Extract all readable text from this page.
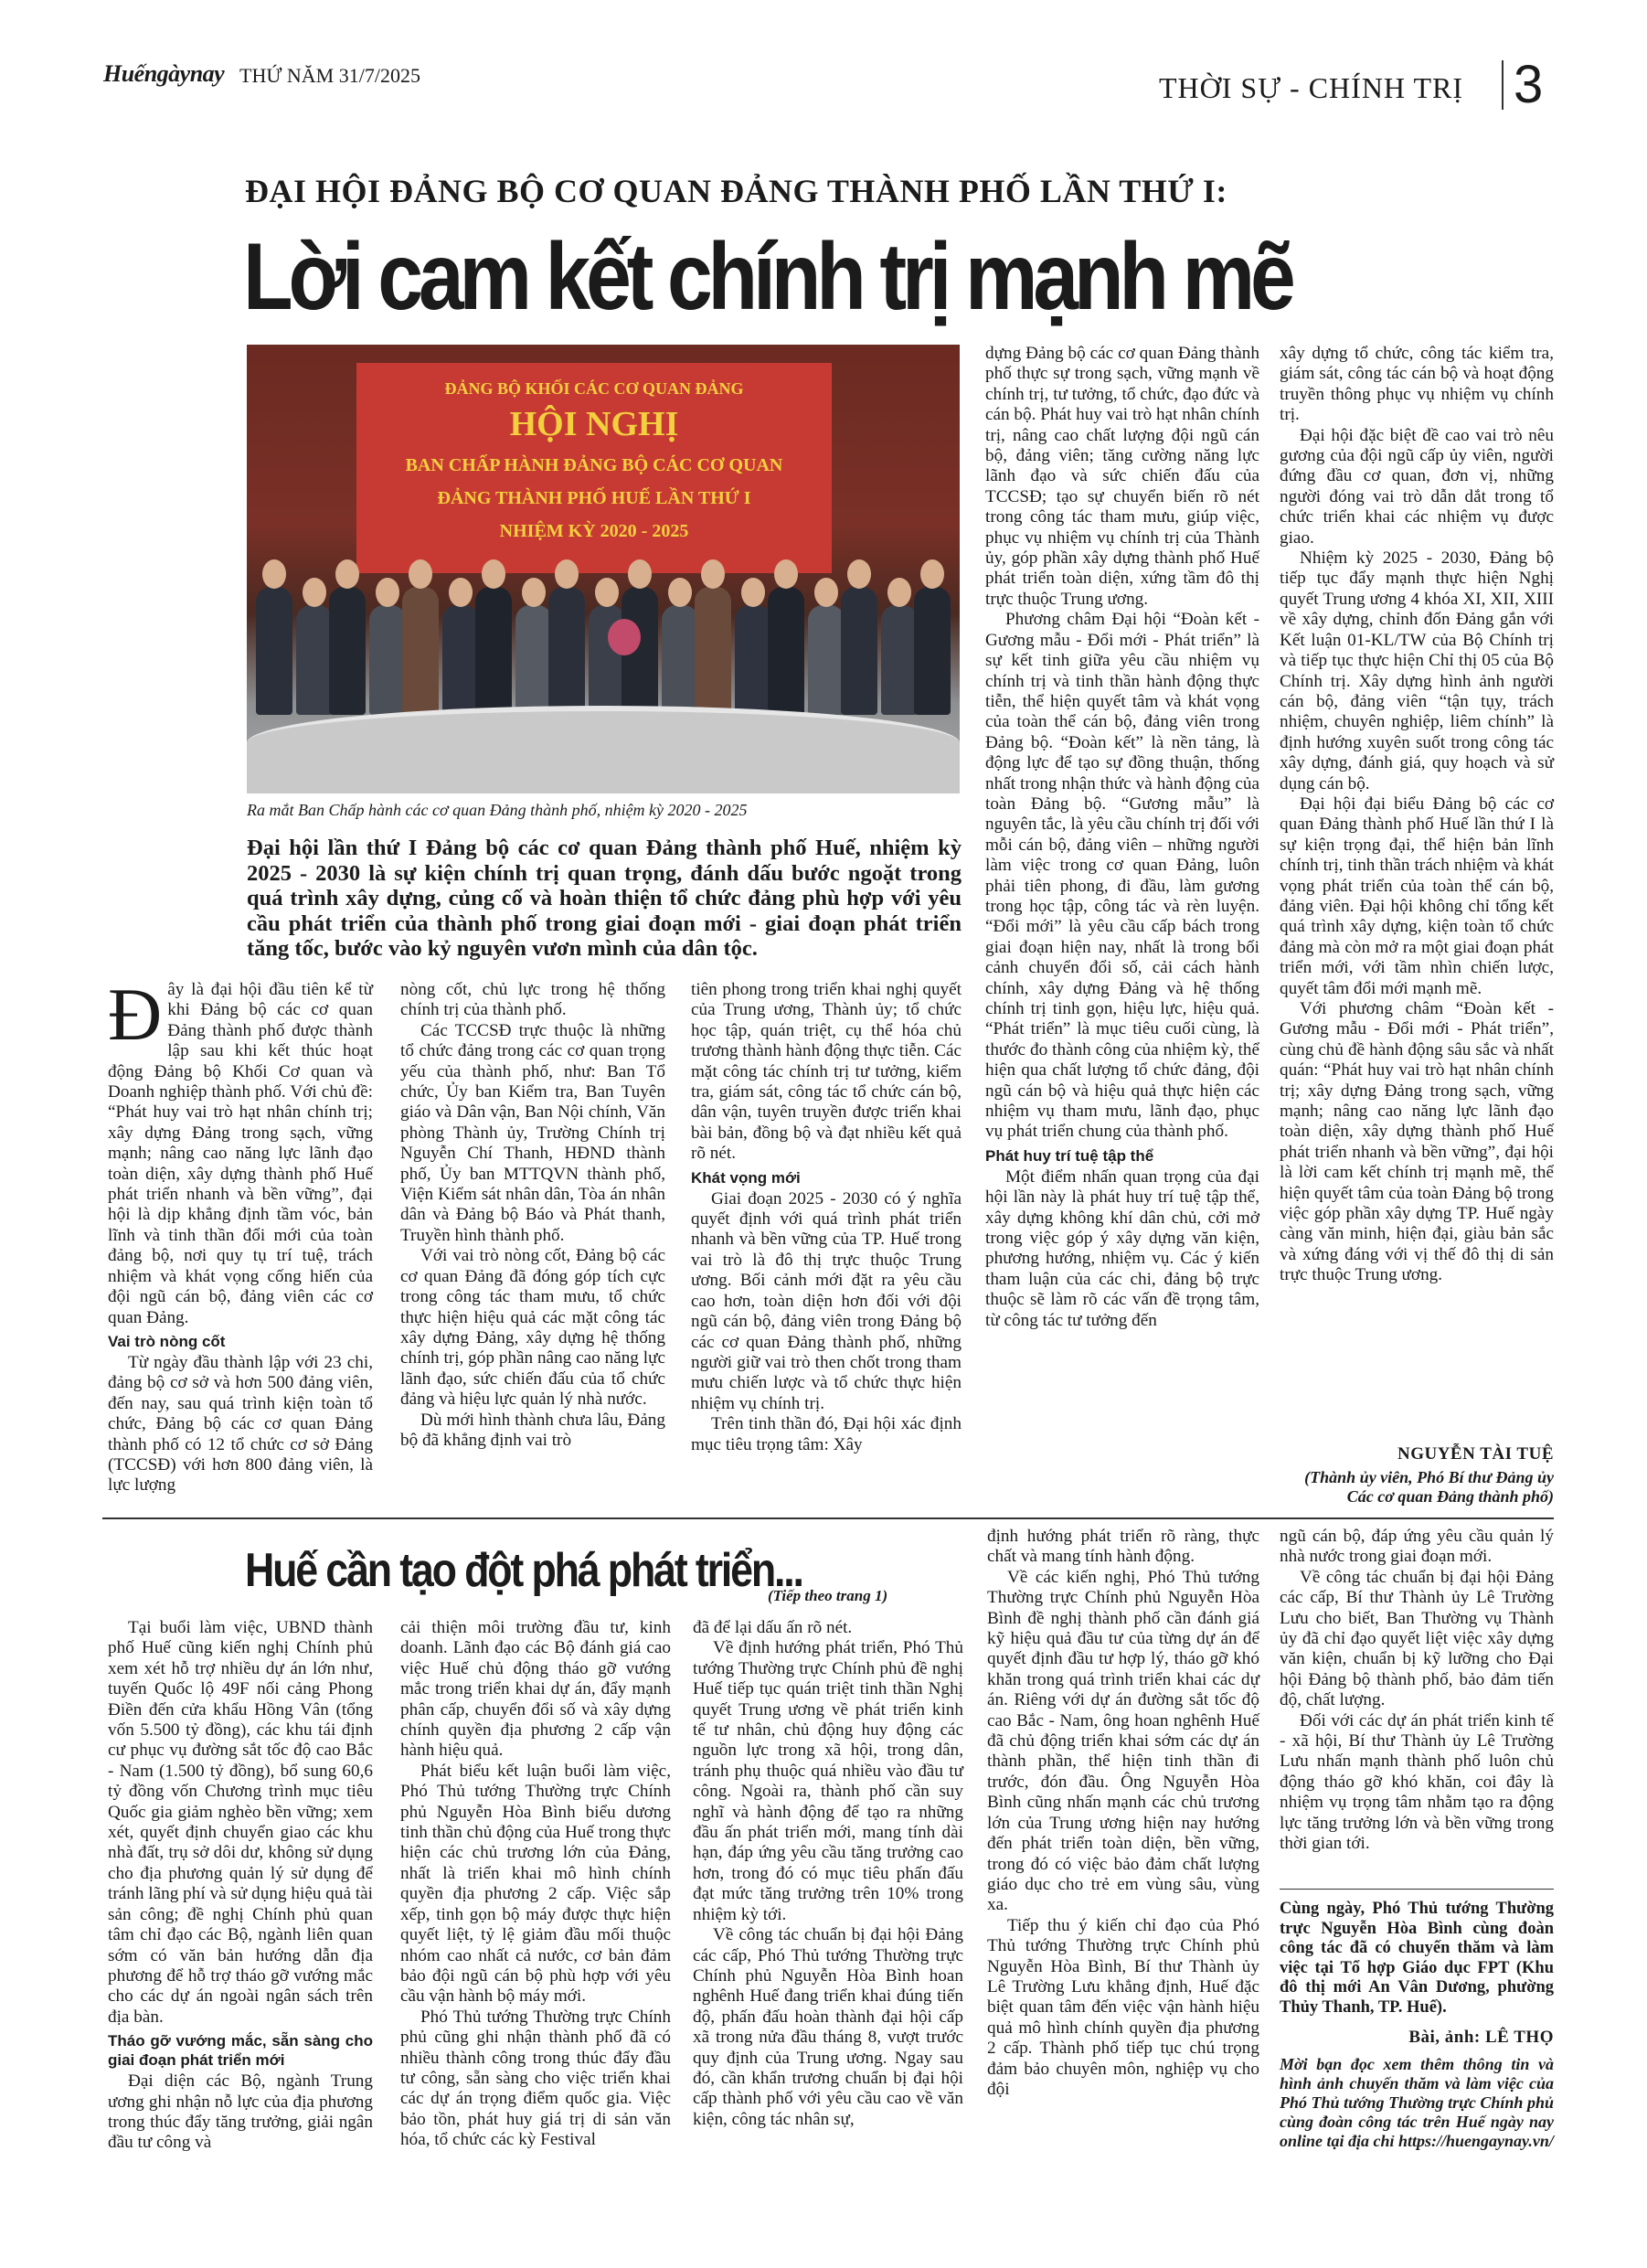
Huếngàynay THỨ NĂM 31/7/2025	THỜI SỰ - CHÍNH TRỊ 3
ĐẠI HỘI ĐẢNG BỘ CƠ QUAN ĐẢNG THÀNH PHỐ LẦN THỨ I:
Lời cam kết chính trị mạnh mẽ
ĐẢNG BỘ KHỐI CÁC CƠ QUAN ĐẢNG
HỘI NGHỊ
BAN CHẤP HÀNH ĐẢNG BỘ CÁC CƠ QUAN
ĐẢNG THÀNH PHỐ HUẾ LẦN THỨ I
NHIỆM KỲ 2020 - 2025
Ra mắt Ban Chấp hành các cơ quan Đảng thành phố, nhiệm kỳ 2020 - 2025
Đại hội lần thứ I Đảng bộ các cơ quan Đảng thành phố Huế, nhiệm kỳ 2025 - 2030 là sự kiện chính trị quan trọng, đánh dấu bước ngoặt trong quá trình xây dựng, củng cố và hoàn thiện tổ chức đảng phù hợp với yêu cầu phát triển của thành phố trong giai đoạn mới - giai đoạn phát triển tăng tốc, bước vào kỷ nguyên vươn mình của dân tộc.
Đ ây là đại hội đầu tiên kể từ khi Đảng bộ các cơ quan Đảng thành phố được thành lập sau khi kết thúc hoạt động Đảng bộ Khối Cơ quan và Doanh nghiệp thành phố. Với chủ đề: “Phát huy vai trò hạt nhân chính trị; xây dựng Đảng trong sạch, vững mạnh; nâng cao năng lực lãnh đạo toàn diện, xây dựng thành phố Huế phát triển nhanh và bền vững”, đại hội là dịp khẳng định tầm vóc, bản lĩnh và tinh thần đổi mới của toàn đảng bộ, nơi quy tụ trí tuệ, trách nhiệm và khát vọng cống hiến của đội ngũ cán bộ, đảng viên các cơ quan Đảng.

Vai trò nòng cốt

Từ ngày đầu thành lập với 23 chi, đảng bộ cơ sở và hơn 500 đảng viên, đến nay, sau quá trình kiện toàn tổ chức, Đảng bộ các cơ quan Đảng thành phố có 12 tổ chức cơ sở Đảng (TCCSĐ) với hơn 800 đảng viên, là lực lượng

nòng cốt, chủ lực trong hệ thống chính trị của thành phố.

Các TCCSĐ trực thuộc là những tổ chức đảng trong các cơ quan trọng yếu của thành phố, như: Ban Tổ chức, Ủy ban Kiểm tra, Ban Tuyên giáo và Dân vận, Ban Nội chính, Văn phòng Thành ủy, Trường Chính trị Nguyễn Chí Thanh, HĐND thành phố, Ủy ban MTTQVN thành phố, Viện Kiểm sát nhân dân, Tòa án nhân dân và Đảng bộ Báo và Phát thanh, Truyền hình thành phố.

Với vai trò nòng cốt, Đảng bộ các cơ quan Đảng đã đóng góp tích cực trong công tác tham mưu, tổ chức thực hiện hiệu quả các mặt công tác xây dựng Đảng, xây dựng hệ thống chính trị, góp phần nâng cao năng lực lãnh đạo, sức chiến đấu của tổ chức đảng và hiệu lực quản lý nhà nước.

Dù mới hình thành chưa lâu, Đảng bộ đã khẳng định vai trò

tiên phong trong triển khai nghị quyết của Trung ương, Thành ủy; tổ chức học tập, quán triệt, cụ thể hóa chủ trương thành hành động thực tiễn. Các mặt công tác chính trị tư tưởng, kiểm tra, giám sát, công tác tổ chức cán bộ, dân vận, tuyên truyền được triển khai bài bản, đồng bộ và đạt nhiều kết quả rõ nét.

Khát vọng mới

Giai đoạn 2025 - 2030 có ý nghĩa quyết định với quá trình phát triển nhanh và bền vững của TP. Huế trong vai trò là đô thị trực thuộc Trung ương. Bối cảnh mới đặt ra yêu cầu cao hơn, toàn diện hơn đối với đội ngũ cán bộ, đảng viên trong Đảng bộ các cơ quan Đảng thành phố, những người giữ vai trò then chốt trong tham mưu chiến lược và tổ chức thực hiện nhiệm vụ chính trị.

Trên tinh thần đó, Đại hội xác định mục tiêu trọng tâm: Xây

dựng Đảng bộ các cơ quan Đảng thành phố thực sự trong sạch, vững mạnh về chính trị, tư tưởng, tổ chức, đạo đức và cán bộ. Phát huy vai trò hạt nhân chính trị, nâng cao chất lượng đội ngũ cán bộ, đảng viên; tăng cường năng lực lãnh đạo và sức chiến đấu của TCCSĐ; tạo sự chuyển biến rõ nét trong công tác tham mưu, giúp việc, phục vụ nhiệm vụ chính trị của Thành ủy, góp phần xây dựng thành phố Huế phát triển toàn diện, xứng tầm đô thị trực thuộc Trung ương.

Phương châm Đại hội “Đoàn kết - Gương mẫu - Đổi mới - Phát triển” là sự kết tinh giữa yêu cầu nhiệm vụ chính trị và tinh thần hành động thực tiễn, thể hiện quyết tâm và khát vọng của toàn thể cán bộ, đảng viên trong Đảng bộ. “Đoàn kết” là nền tảng, là động lực để tạo sự đồng thuận, thống nhất trong nhận thức và hành động của toàn Đảng bộ. “Gương mẫu” là nguyên tắc, là yêu cầu chính trị đối với mỗi cán bộ, đảng viên – những người làm việc trong cơ quan Đảng, luôn phải tiên phong, đi đầu, làm gương trong học tập, công tác và rèn luyện. “Đổi mới” là yêu cầu cấp bách trong giai đoạn hiện nay, nhất là trong bối cảnh chuyển đổi số, cải cách hành chính, xây dựng Đảng và hệ thống chính trị tinh gọn, hiệu lực, hiệu quả. “Phát triển” là mục tiêu cuối cùng, là thước đo thành công của nhiệm kỳ, thể hiện qua chất lượng tổ chức đảng, đội ngũ cán bộ và hiệu quả thực hiện các nhiệm vụ tham mưu, lãnh đạo, phục vụ phát triển chung của thành phố.

Phát huy trí tuệ tập thể

Một điểm nhấn quan trọng của đại hội lần này là phát huy trí tuệ tập thể, xây dựng không khí dân chủ, cởi mở trong việc góp ý xây dựng văn kiện, phương hướng, nhiệm vụ. Các ý kiến tham luận của các chi, đảng bộ trực thuộc sẽ làm rõ các vấn đề trọng tâm, từ công tác tư tưởng đến

xây dựng tổ chức, công tác kiểm tra, giám sát, công tác cán bộ và hoạt động truyền thông phục vụ nhiệm vụ chính trị.

Đại hội đặc biệt đề cao vai trò nêu gương của đội ngũ cấp ủy viên, người đứng đầu cơ quan, đơn vị, những người đóng vai trò dẫn dắt trong tổ chức triển khai các nhiệm vụ được giao.

Nhiệm kỳ 2025 - 2030, Đảng bộ tiếp tục đẩy mạnh thực hiện Nghị quyết Trung ương 4 khóa XI, XII, XIII về xây dựng, chỉnh đốn Đảng gắn với Kết luận 01-KL/TW của Bộ Chính trị và tiếp tục thực hiện Chỉ thị 05 của Bộ Chính trị. Xây dựng hình ảnh người cán bộ, đảng viên “tận tụy, trách nhiệm, chuyên nghiệp, liêm chính” là định hướng xuyên suốt trong công tác xây dựng, đánh giá, quy hoạch và sử dụng cán bộ.

Đại hội đại biểu Đảng bộ các cơ quan Đảng thành phố Huế lần thứ I là sự kiện trọng đại, thể hiện bản lĩnh chính trị, tinh thần trách nhiệm và khát vọng phát triển của toàn thể cán bộ, đảng viên. Đại hội không chỉ tổng kết quá trình xây dựng, kiện toàn tổ chức đảng mà còn mở ra một giai đoạn phát triển mới, với tầm nhìn chiến lược, quyết tâm đổi mới mạnh mẽ.

Với phương châm “Đoàn kết - Gương mẫu - Đổi mới - Phát triển”, cùng chủ đề hành động sâu sắc và nhất quán: “Phát huy vai trò hạt nhân chính trị; xây dựng Đảng trong sạch, vững mạnh; nâng cao năng lực lãnh đạo toàn diện, xây dựng thành phố Huế phát triển nhanh và bền vững”, đại hội là lời cam kết chính trị mạnh mẽ, thể hiện quyết tâm của toàn Đảng bộ trong việc góp phần xây dựng TP. Huế ngày càng văn minh, hiện đại, giàu bản sắc và xứng đáng với vị thế đô thị di sản trực thuộc Trung ương.

NGUYỄN TÀI TUỆ
(Thành ủy viên, Phó Bí thư Đảng ủy Các cơ quan Đảng thành phố)
Huế cần tạo đột phá phát triển...
(Tiếp theo trang 1)

Tại buổi làm việc, UBND thành phố Huế cũng kiến nghị Chính phủ xem xét hỗ trợ nhiều dự án lớn như, tuyến Quốc lộ 49F nối cảng Phong Điền đến cửa khẩu Hồng Vân (tổng vốn 5.500 tỷ đồng), các khu tái định cư phục vụ đường sắt tốc độ cao Bắc - Nam (1.500 tỷ đồng), bổ sung 60,6 tỷ đồng vốn Chương trình mục tiêu Quốc gia giảm nghèo bền vững; xem xét, quyết định chuyển giao các khu nhà đất, trụ sở dôi dư, không sử dụng cho địa phương quản lý sử dụng để tránh lãng phí và sử dụng hiệu quả tài sản công; đề nghị Chính phủ quan tâm chỉ đạo các Bộ, ngành liên quan sớm có văn bản hướng dẫn địa phương để hỗ trợ tháo gỡ vướng mắc cho các dự án ngoài ngân sách trên địa bàn.

Tháo gỡ vướng mắc, sẵn sàng cho giai đoạn phát triển mới

Đại diện các Bộ, ngành Trung ương ghi nhận nỗ lực của địa phương trong thúc đẩy tăng trưởng, giải ngân đầu tư công và

cải thiện môi trường đầu tư, kinh doanh. Lãnh đạo các Bộ đánh giá cao việc Huế chủ động tháo gỡ vướng mắc trong triển khai dự án, đẩy mạnh phân cấp, chuyển đổi số và xây dựng chính quyền địa phương 2 cấp vận hành hiệu quả.

Phát biểu kết luận buổi làm việc, Phó Thủ tướng Thường trực Chính phủ Nguyễn Hòa Bình biểu dương tinh thần chủ động của Huế trong thực hiện các chủ trương lớn của Đảng, nhất là triển khai mô hình chính quyền địa phương 2 cấp. Việc sắp xếp, tinh gọn bộ máy được thực hiện quyết liệt, tỷ lệ giảm đầu mối thuộc nhóm cao nhất cả nước, cơ bản đảm bảo đội ngũ cán bộ phù hợp với yêu cầu vận hành bộ máy mới.

Phó Thủ tướng Thường trực Chính phủ cũng ghi nhận thành phố đã có nhiều thành công trong thúc đẩy đầu tư công, sẵn sàng cho việc triển khai các dự án trọng điểm quốc gia. Việc bảo tồn, phát huy giá trị di sản văn hóa, tổ chức các kỳ Festival

đã để lại dấu ấn rõ nét.

Về định hướng phát triển, Phó Thủ tướng Thường trực Chính phủ đề nghị Huế tiếp tục quán triệt tinh thần Nghị quyết Trung ương về phát triển kinh tế tư nhân, chủ động huy động các nguồn lực trong xã hội, trong dân, tránh phụ thuộc quá nhiều vào đầu tư công. Ngoài ra, thành phố cần suy nghĩ và hành động để tạo ra những đầu ấn phát triển mới, mang tính dài hạn, đáp ứng yêu cầu tăng trưởng cao hơn, trong đó có mục tiêu phấn đấu đạt mức tăng trưởng trên 10% trong nhiệm kỳ tới.

Về công tác chuẩn bị đại hội Đảng các cấp, Phó Thủ tướng Thường trực Chính phủ Nguyễn Hòa Bình hoan nghênh Huế đang triển khai đúng tiến độ, phấn đấu hoàn thành đại hội cấp xã trong nửa đầu tháng 8, vượt trước quy định của Trung ương. Ngay sau đó, cần khẩn trương chuẩn bị đại hội cấp thành phố với yêu cầu cao về văn kiện, công tác nhân sự,

định hướng phát triển rõ ràng, thực chất và mang tính hành động.

Về các kiến nghị, Phó Thủ tướng Thường trực Chính phủ Nguyễn Hòa Bình đề nghị thành phố cần đánh giá kỹ hiệu quả đầu tư của từng dự án để quyết định đầu tư hợp lý, tháo gỡ khó khăn trong quá trình triển khai các dự án. Riêng với dự án đường sắt tốc độ cao Bắc - Nam, ông hoan nghênh Huế đã chủ động triển khai sớm các dự án thành phần, thể hiện tinh thần đi trước, đón đầu. Ông Nguyễn Hòa Bình cũng nhấn mạnh các chủ trương lớn của Trung ương hiện nay hướng đến phát triển toàn diện, bền vững, trong đó có việc bảo đảm chất lượng giáo dục cho trẻ em vùng sâu, vùng xa.

Tiếp thu ý kiến chỉ đạo của Phó Thủ tướng Thường trực Chính phủ Nguyễn Hòa Bình, Bí thư Thành ủy Lê Trường Lưu khẳng định, Huế đặc biệt quan tâm đến việc vận hành hiệu quả mô hình chính quyền địa phương 2 cấp. Thành phố tiếp tục chú trọng đảm bảo chuyên môn, nghiệp vụ cho đội

ngũ cán bộ, đáp ứng yêu cầu quản lý nhà nước trong giai đoạn mới.

Về công tác chuẩn bị đại hội Đảng các cấp, Bí thư Thành ủy Lê Trường Lưu cho biết, Ban Thường vụ Thành ủy đã chỉ đạo quyết liệt việc xây dựng văn kiện, chuẩn bị kỹ lưỡng cho Đại hội Đảng bộ thành phố, bảo đảm tiến độ, chất lượng.

Đối với các dự án phát triển kinh tế - xã hội, Bí thư Thành ủy Lê Trường Lưu nhấn mạnh thành phố luôn chủ động tháo gỡ khó khăn, coi đây là nhiệm vụ trọng tâm nhằm tạo ra động lực tăng trưởng lớn và bền vững trong thời gian tới.

Cùng ngày, Phó Thủ tướng Thường trực Nguyễn Hòa Bình cùng đoàn công tác đã có chuyến thăm và làm việc tại Tổ hợp Giáo dục FPT (Khu đô thị mới An Vân Dương, phường Thủy Thanh, TP. Huế).
Bài, ảnh: LÊ THỌ
Mời bạn đọc xem thêm thông tin và hình ảnh chuyến thăm và làm việc của Phó Thủ tướng Thường trực Chính phủ cùng đoàn công tác trên Huế ngày nay online tại địa chỉ https://huengaynay.vn/
